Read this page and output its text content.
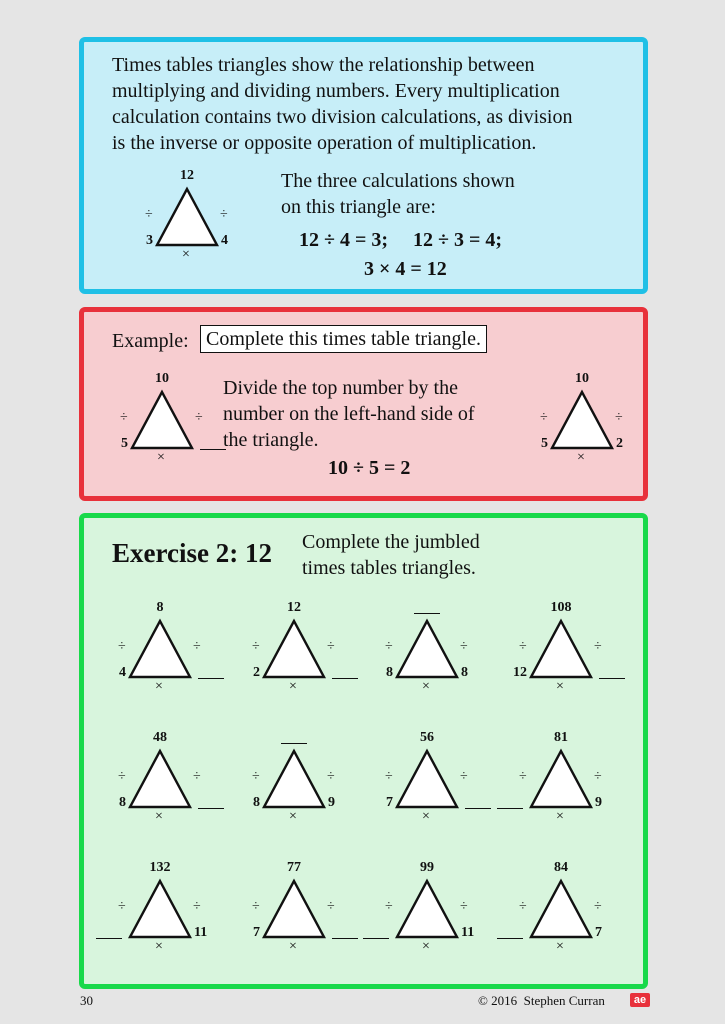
Times tables triangles show the relationship between
multiplying and dividing numbers. Every multiplication
calculation contains two division calculations, as division
is the inverse or opposite operation of multiplication.
The three calculations shown
on this triangle are:
12 ÷ 4 = 3;     12 ÷ 3 = 4;
3 × 4 = 12
Example: Complete this times table triangle.
Divide the top number by the
number on the left-hand side of
the triangle.
10 ÷ 5 = 2
Exercise 2: 12 Complete the jumbled
times tables triangles.
30	© 2016  Stephen Curran	ae
12
3	4
÷	÷
×
10
5
÷	÷
×
10
5	2
÷	÷
×
8
4
÷	÷
×
12
2
÷	÷
×
8	8
÷	÷
×
108
12
÷	÷
×
48
8
÷	÷
×
8	9
÷	÷
×
56
7
÷	÷
×
81
9
÷	÷
×
132
11
÷	÷
×
77
7
÷	÷
×
99
11
÷	÷
×
84
7
÷	÷
×
